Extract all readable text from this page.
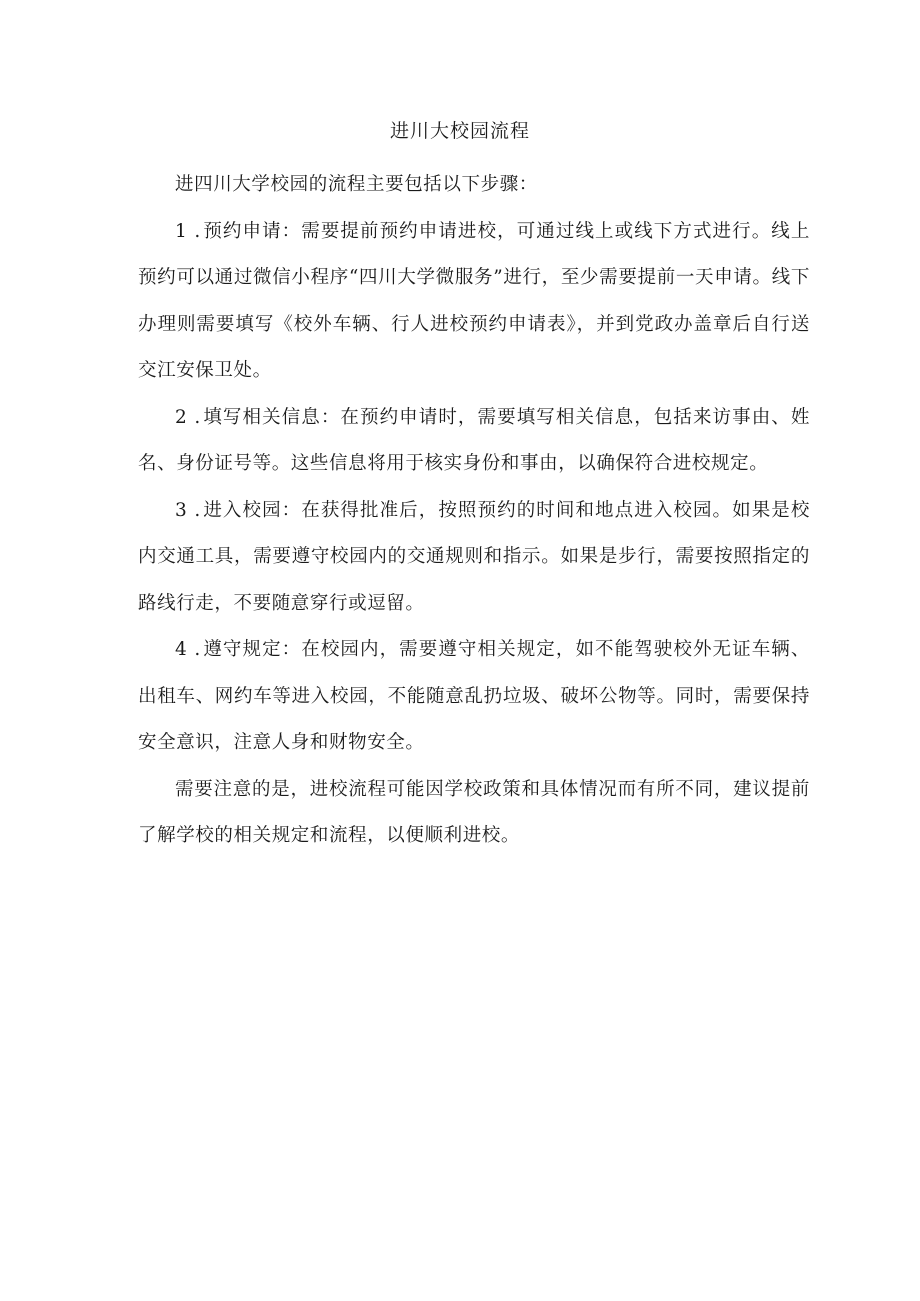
进川大校园流程

进四川大学校园的流程主要包括以下步骤：

1 . 预约申请：需要提前预约申请进校，可通过线上或线下方式进行。线上预约可以通过微信小程序“四川大学微服务”进行，至少需要提前一天申请。线下办理则需要填写《校外车辆、行人进校预约申请表》，并到党政办盖章后自行送交江安保卫处。

2 . 填写相关信息：在预约申请时，需要填写相关信息，包括来访事由、姓名、身份证号等。这些信息将用于核实身份和事由，以确保符合进校规定。

3 . 进入校园：在获得批准后，按照预约的时间和地点进入校园。如果是校内交通工具，需要遵守校园内的交通规则和指示。如果是步行，需要按照指定的路线行走，不要随意穿行或逗留。

4 . 遵守规定：在校园内，需要遵守相关规定，如不能驾驶校外无证车辆、出租车、网约车等进入校园，不能随意乱扔垃圾、破坏公物等。同时，需要保持安全意识，注意人身和财物安全。

需要注意的是，进校流程可能因学校政策和具体情况而有所不同，建议提前了解学校的相关规定和流程，以便顺利进校。
